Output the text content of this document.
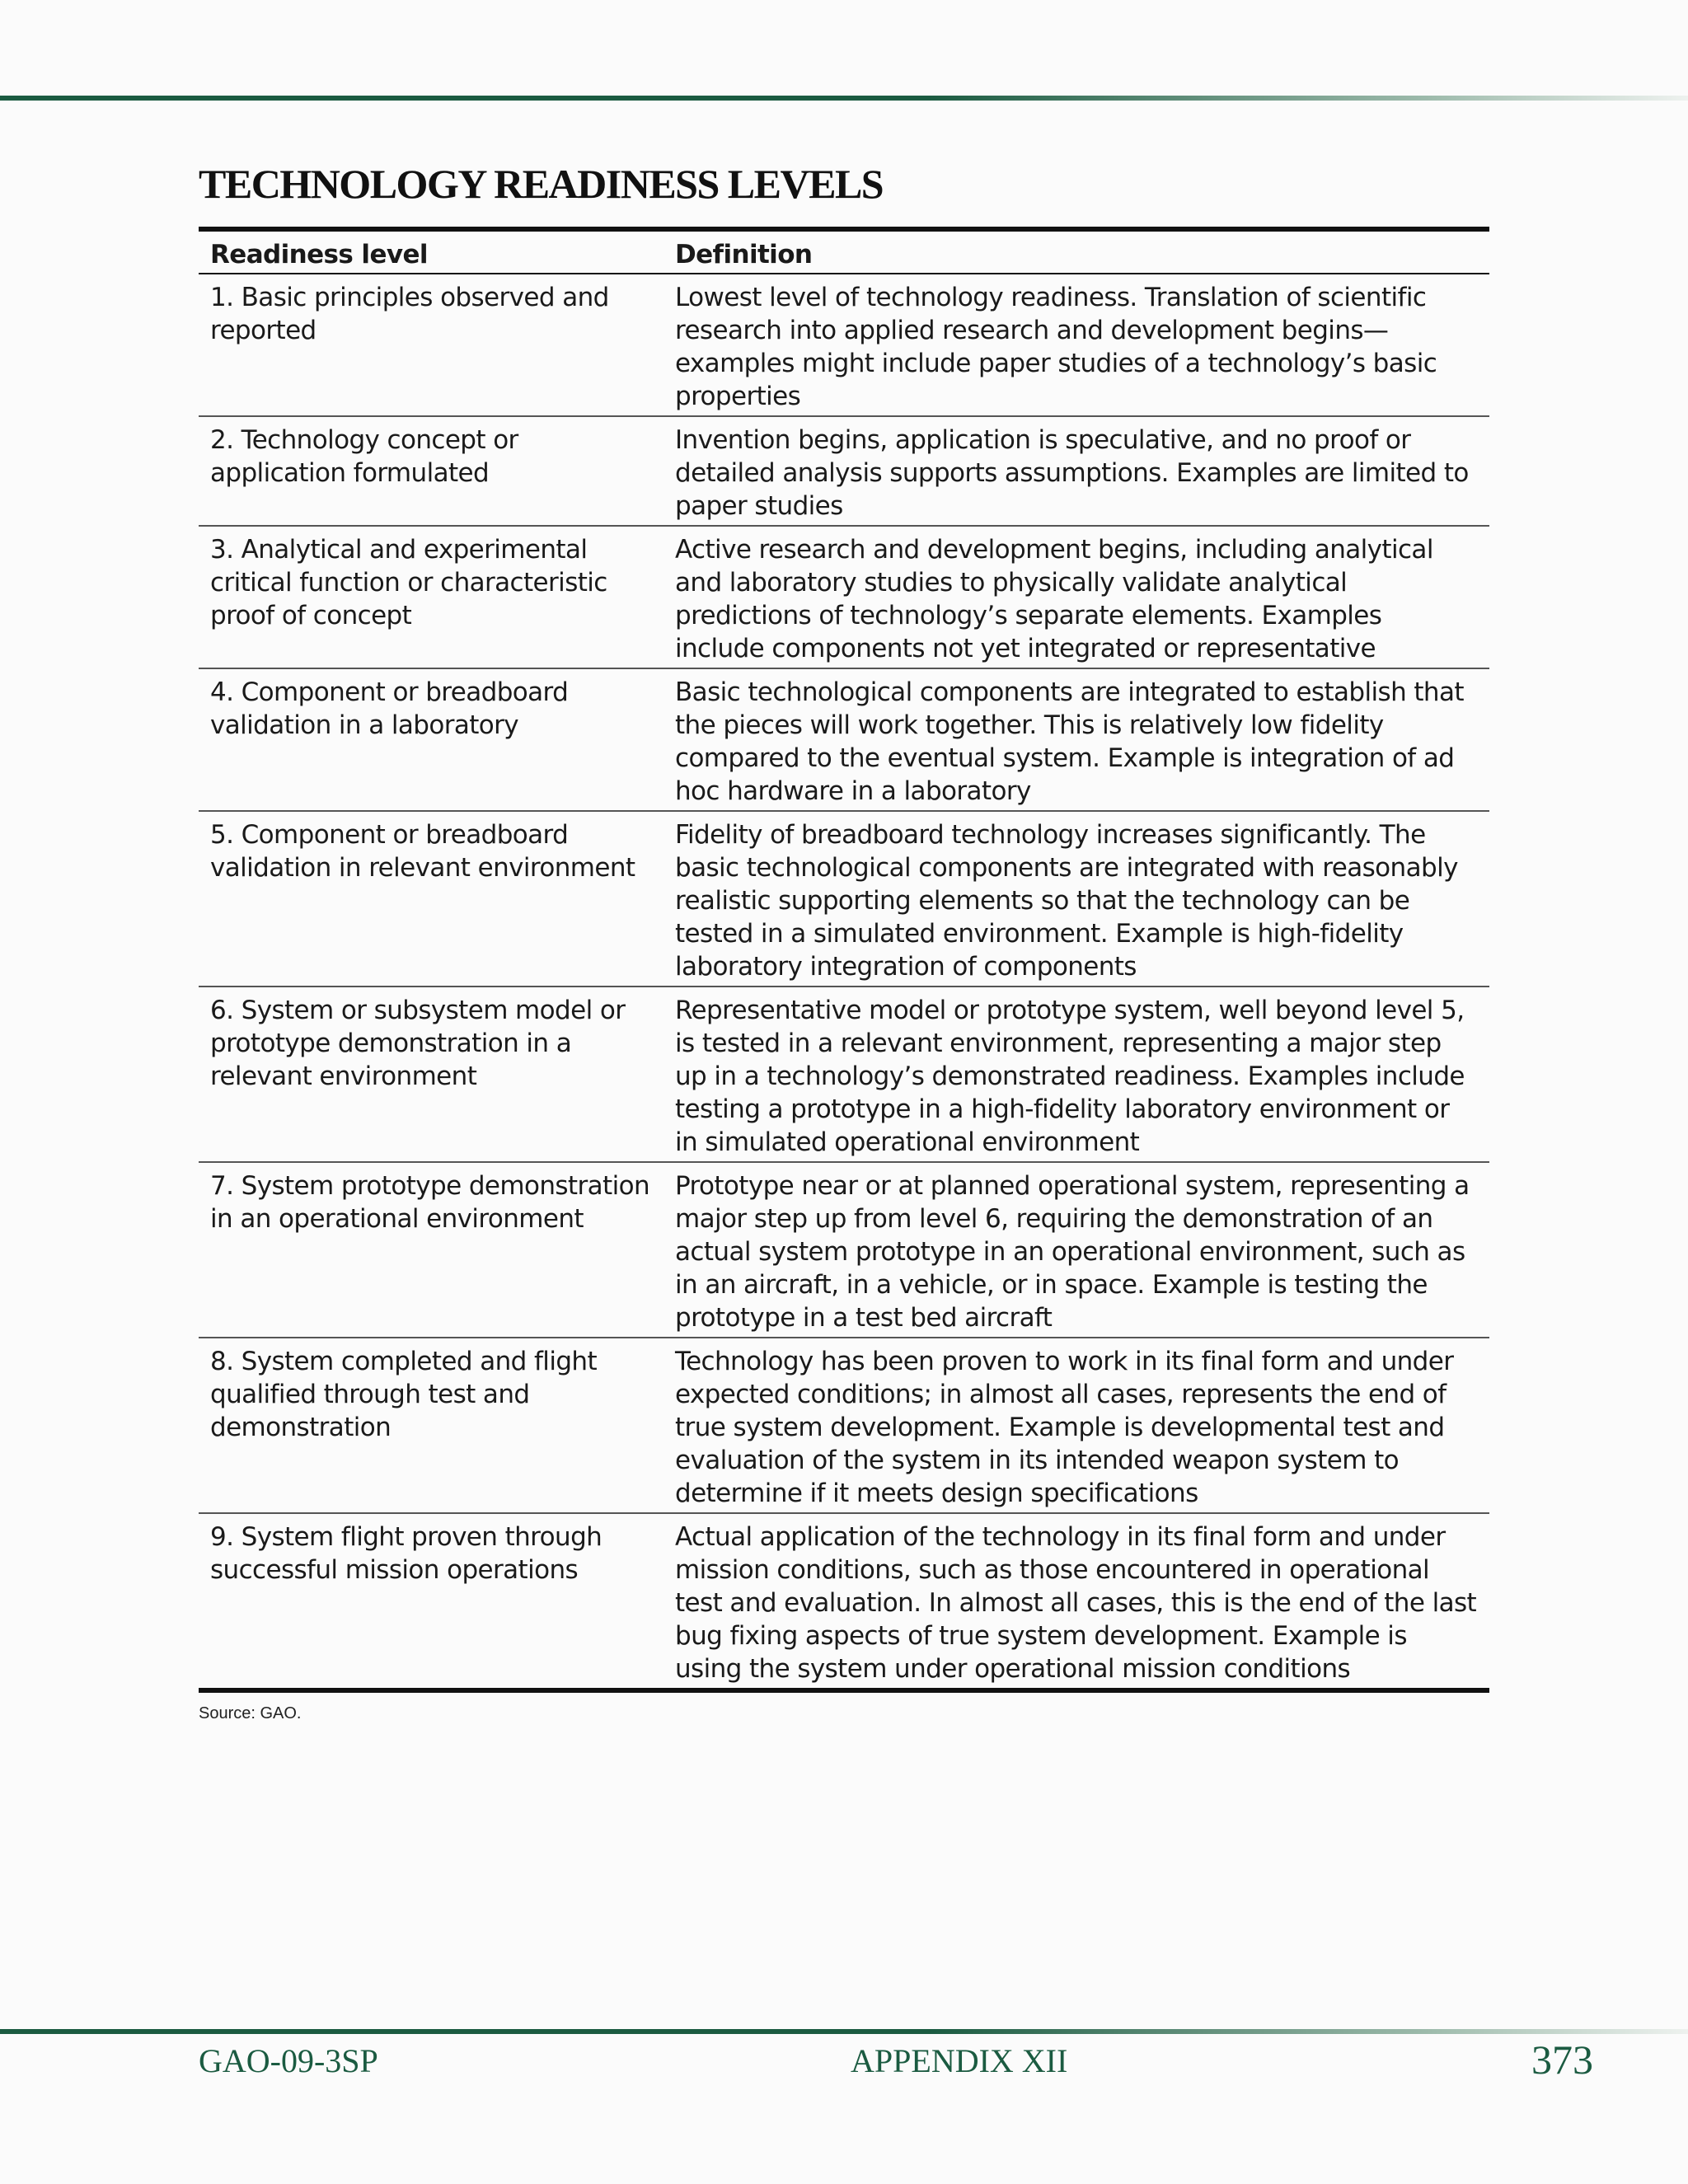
TECHNOLOGY READINESS LEVELS
Readiness level	Definition
1. Basic principles observed and reported	Lowest level of technology readiness. Translation of scientific research into applied research and development begins—examples might include paper studies of a technology’s basic properties
2. Technology concept or application formulated	Invention begins, application is speculative, and no proof or detailed analysis supports assumptions. Examples are limited to paper studies
3. Analytical and experimental critical function or characteristic proof of concept	Active research and development begins, including analytical and laboratory studies to physically validate analytical predictions of technology’s separate elements. Examples include components not yet integrated or representative
4. Component or breadboard validation in a laboratory	Basic technological components are integrated to establish that the pieces will work together. This is relatively low fidelity compared to the eventual system. Example is integration of ad hoc hardware in a laboratory
5. Component or breadboard validation in relevant environment	Fidelity of breadboard technology increases significantly. The basic technological components are integrated with reasonably realistic supporting elements so that the technology can be tested in a simulated environment. Example is high-fidelity laboratory integration of components
6. System or subsystem model or prototype demonstration in a relevant environment	Representative model or prototype system, well beyond level 5, is tested in a relevant environment, representing a major step up in a technology’s demonstrated readiness. Examples include testing a prototype in a high-fidelity laboratory environment or in simulated operational environment
7. System prototype demonstration in an operational environment	Prototype near or at planned operational system, representing a major step up from level 6, requiring the demonstration of an actual system prototype in an operational environment, such as in an aircraft, in a vehicle, or in space. Example is testing the prototype in a test bed aircraft
8. System completed and flight qualified through test and demonstration	Technology has been proven to work in its final form and under expected conditions; in almost all cases, represents the end of true system development. Example is developmental test and evaluation of the system in its intended weapon system to determine if it meets design specifications
9. System flight proven through successful mission operations	Actual application of the technology in its final form and under mission conditions, such as those encountered in operational test and evaluation. In almost all cases, this is the end of the last bug fixing aspects of true system development. Example is using the system under operational mission conditions
Source: GAO.
GAO-09-3SP	APPENDIX XII	373
